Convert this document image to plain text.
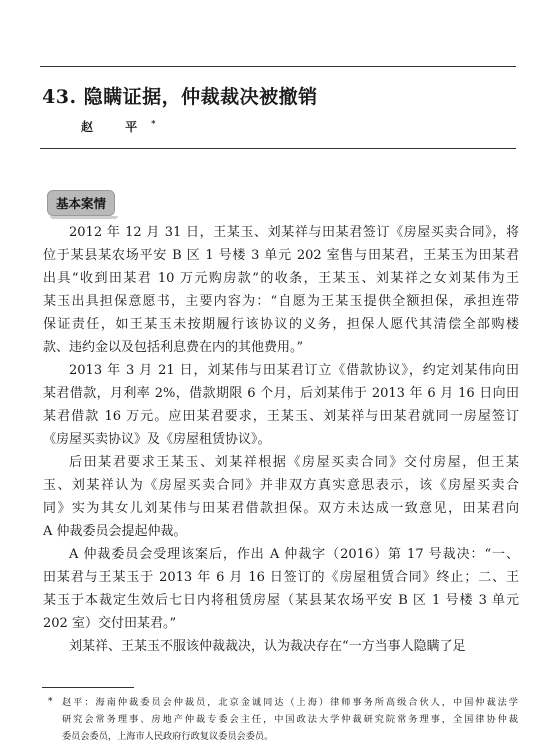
43. 隐瞒证据，仲裁裁决被撤销
赵 平*
基本案情
2012 年 12 月 31 日，王某玉、刘某祥与田某君签订《房屋买卖合同》，将
位于某县某农场平安 B 区 1 号楼 3 单元 202 室售与田某君，王某玉为田某君
出具“收到田某君 10 万元购房款”的收条，王某玉、刘某祥之女刘某伟为王
某玉出具担保意愿书，主要内容为：“自愿为王某玉提供全额担保，承担连带
保证责任，如王某玉未按期履行该协议的义务，担保人愿代其清偿全部购楼
款、违约金以及包括利息费在内的其他费用。”
2013 年 3 月 21 日，刘某伟与田某君订立《借款协议》，约定刘某伟向田
某君借款，月利率 2%，借款期限 6 个月，后刘某伟于 2013 年 6 月 16 日向田
某君借款 16 万元。应田某君要求，王某玉、刘某祥与田某君就同一房屋签订
《房屋买卖协议》及《房屋租赁协议》。
后田某君要求王某玉、刘某祥根据《房屋买卖合同》交付房屋，但王某
玉、刘某祥认为《房屋买卖合同》并非双方真实意思表示，该《房屋买卖合
同》实为其女儿刘某伟与田某君借款担保。双方未达成一致意见，田某君向
A 仲裁委员会提起仲裁。
A 仲裁委员会受理该案后，作出 A 仲裁字（2016）第 17 号裁决：“一、
田某君与王某玉于 2013 年 6 月 16 日签订的《房屋租赁合同》终止；二、王
某玉于本裁定生效后七日内将租赁房屋（某县某农场平安 B 区 1 号楼 3 单元
202 室）交付田某君。”
刘某祥、王某玉不服该仲裁裁决，认为裁决存在“一方当事人隐瞒了足
* 赵平：海南仲裁委员会仲裁员，北京金诚同达（上海）律师事务所高级合伙人，中国仲裁法学
研究会常务理事、房地产仲裁专委会主任，中国政法大学仲裁研究院常务理事，全国律协仲裁
委员会委员，上海市人民政府行政复议委员会委员。
